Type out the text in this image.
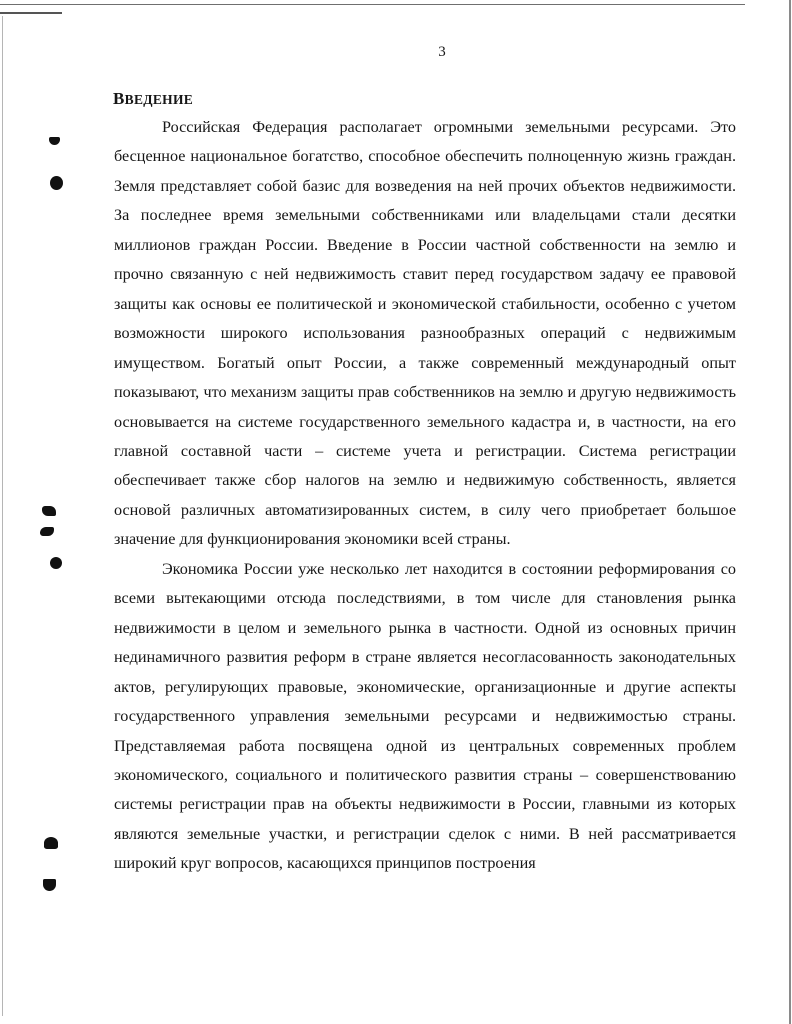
3
ВВЕДЕНИЕ

Российская Федерация располагает огромными земельными ресурсами. Это бесценное национальное богатство, способное обеспечить полноценную жизнь граждан. Земля представляет собой базис для возведения на ней прочих объектов недвижимости. За последнее время земельными собственниками или владельцами стали десятки миллионов граждан России. Введение в России частной собственности на землю и прочно связанную с ней недвижимость ставит перед государством задачу ее правовой защиты как основы ее политической и экономической стабильности, особенно с учетом возможности широкого использования разнообразных операций с недвижимым имуществом. Богатый опыт России, а также современный международный опыт показывают, что механизм защиты прав собственников на землю и другую недвижимость основывается на системе государственного земельного кадастра и, в частности, на его главной составной части – системе учета и регистрации. Система регистрации обеспечивает также сбор налогов на землю и недвижимую собственность, является основой различных автоматизированных систем, в силу чего приобретает большое значение для функционирования экономики всей страны.

Экономика России уже несколько лет находится в состоянии реформирования со всеми вытекающими отсюда последствиями, в том числе для становления рынка недвижимости в целом и земельного рынка в частности. Одной из основных причин нединамичного развития реформ в стране является несогласованность законодательных актов, регулирующих правовые, экономические, организационные и другие аспекты государственного управления земельными ресурсами и недвижимостью страны. Представляемая работа посвящена одной из центральных современных проблем экономического, социального и политического развития страны – совершенствованию системы регистрации прав на объекты недвижимости в России, главными из которых являются земельные участки, и регистрации сделок с ними. В ней рассматривается широкий круг вопросов, касающихся принципов построения
